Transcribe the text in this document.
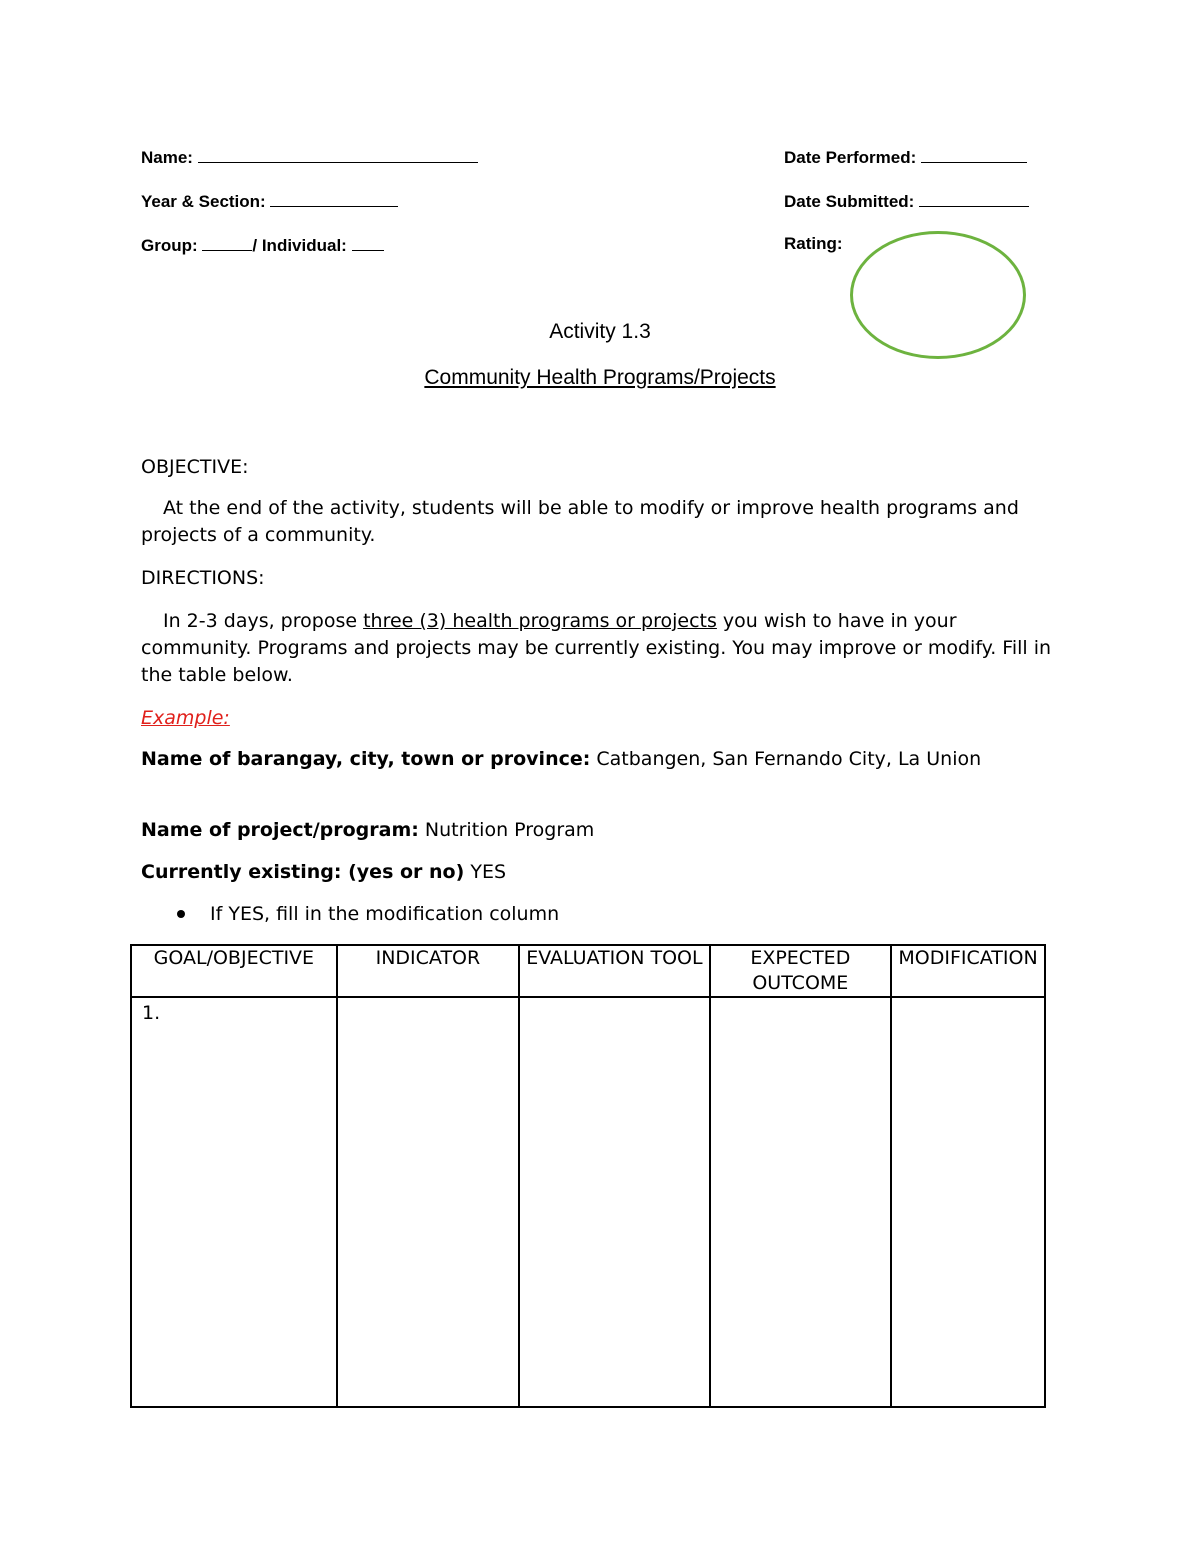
Name:
Year & Section:
Group:	/ Individual:
Date Performed:
Date Submitted:
Rating:
Activity 1.3
Community Health Programs/Projects
OBJECTIVE:
At the end of the activity, students will be able to modify or improve health programs and projects of a community.
DIRECTIONS:
In 2-3 days, propose three (3) health programs or projects you wish to have in your community. Programs and projects may be currently existing. You may improve or modify. Fill in the table below.
Example:
Name of barangay, city, town or province: Catbangen, San Fernando City, La Union
Name of project/program: Nutrition Program
Currently existing: (yes or no) YES
If YES, fill in the modification column
GOAL/OBJECTIVE	INDICATOR	EVALUATION TOOL	EXPECTED OUTCOME	MODIFICATION
1.				
